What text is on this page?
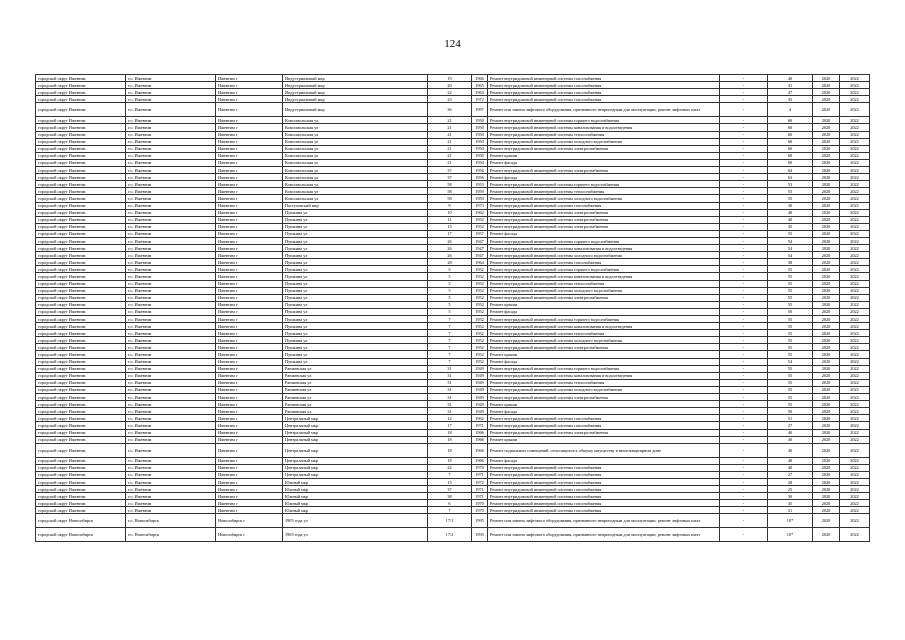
124
городской округ Ижевтим	г.о. Ижевтим	Ижевтим г	Индустриальный мкр	19	1966	Ремонт внутридомовой инженерной системы газоснабжения	-	40	2020	2022
городской округ Ижевтим	г.о. Ижевтим	Ижевтим г	Индустриальный мкр	20	1965	Ремонт внутридомовой инженерной системы газоснабжения	-	41	2020	2022
городской округ Ижевтим	г.о. Ижевтим	Ижевтим г	Индустриальный мкр	22	1963	Ремонт внутридомовой инженерной системы газоснабжения	-	47	2020	2022
городской округ Ижевтим	г.о. Ижевтим	Ижевтим г	Индустриальный мкр	23	1972	Ремонт внутридомовой инженерной системы газоснабжения	-	35	2020	2022
городской округ Ижевтим	г.о. Ижевтим	Ижевтим г	Индустриальный мкр	36	1997	Ремонт или замена лифтового оборудования, признанного непригодным для эксплуатации, ремонт лифтовых шахт	-	4	2020	2022
городской округ Ижевтим	г.о. Ижевтим	Ижевтим г	Комсомольская ул	21	1950	Ремонт внутридомовой инженерной системы горячего водоснабжения	-	60	2020	2022
городской округ Ижевтим	г.о. Ижевтим	Ижевтим г	Комсомольская ул	21	1950	Ремонт внутридомовой инженерной системы канализования и водоотведения	-	60	2020	2022
городской округ Ижевтим	г.о. Ижевтим	Ижевтим г	Комсомольская ул	21	1950	Ремонт внутридомовой инженерной системы теплоснабжения	-	60	2020	2022
городской округ Ижевтим	г.о. Ижевтим	Ижевтим г	Комсомольская ул	21	1950	Ремонт внутридомовой инженерной системы холодного водоснабжения	-	60	2020	2022
городской округ Ижевтим	г.о. Ижевтим	Ижевтим г	Комсомольская ул	21	1950	Ремонт внутридомовой инженерной системы электроснабжения	-	60	2020	2022
городской округ Ижевтим	г.о. Ижевтим	Ижевтим г	Комсомольская ул	21	1950	Ремонт крыши	-	60	2020	2022
городской округ Ижевтим	г.о. Ижевтим	Ижевтим г	Комсомольская ул	21	1950	Ремонт фасада	-	60	2020	2022
городской округ Ижевтим	г.о. Ижевтим	Ижевтим г	Комсомольская ул	37	1956	Ремонт внутридомовой инженерной системы электроснабжения	-	64	2020	2022
городской округ Ижевтим	г.о. Ижевтим	Ижевтим г	Комсомольская ул	37	1956	Ремонт фасада	-	63	2020	2022
городской округ Ижевтим	г.о. Ижевтим	Ижевтим г	Комсомольская ул	58	1953	Ремонт внутридомовой инженерной системы горячего водоснабжения	-	53	2020	2022
городской округ Ижевтим	г.о. Ижевтим	Ижевтим г	Комсомольская ул	58	1959	Ремонт внутридомовой инженерной системы теплоснабжения	-	55	2020	2022
городской округ Ижевтим	г.о. Ижевтим	Ижевтим г	Комсомольская ул	58	1959	Ремонт внутридомовой инженерной системы холодного водоснабжения	-	55	2020	2022
городской округ Ижевтим	г.о. Ижевтим	Ижевтим г	Пастуховский мкр	9	1973	Ремонт внутридомовой инженерной системы газоснабжения	-	30	2020	2022
городской округ Ижевтим	г.о. Ижевтим	Ижевтим г	Пушкина ул	10	1962	Ремонт внутридомовой инженерной системы электроснабжения	-	40	2020	2022
городской округ Ижевтим	г.о. Ижевтим	Ижевтим г	Пушкина ул	11	1952	Ремонт внутридомовой инженерной системы электроснабжения	-	40	2020	2022
городской округ Ижевтим	г.о. Ижевтим	Ижевтим г	Пушкина ул	15	1952	Ремонт внутридомовой инженерной системы электроснабжения	-	35	2020	2022
городской округ Ижевтим	г.о. Ижевтим	Ижевтим г	Пушкина ул	17	1957	Ремонт фасада	-	55	2020	2022
городской округ Ижевтим	г.о. Ижевтим	Ижевтим г	Пушкина ул	26	1947	Ремонт внутридомовой инженерной системы горячего водоснабжения	-	54	2020	2022
городской округ Ижевтим	г.о. Ижевтим	Ижевтим г	Пушкина ул	26	1947	Ремонт внутридомовой инженерной системы канализования и водоотведения	-	54	2020	2022
городской округ Ижевтим	г.о. Ижевтим	Ижевтим г	Пушкина ул	26	1947	Ремонт внутридомовой инженерной системы холодного водоснабжения	-	54	2020	2022
городской округ Ижевтим	г.о. Ижевтим	Ижевтим г	Пушкина ул	28	1964	Ремонт внутридомовой инженерной системы газоснабжения	-	38	2020	2022
городской округ Ижевтим	г.о. Ижевтим	Ижевтим г	Пушкина ул	5	1952	Ремонт внутридомовой инженерной системы горячего водоснабжения	-	55	2020	2022
городской округ Ижевтим	г.о. Ижевтим	Ижевтим г	Пушкина ул	5	1952	Ремонт внутридомовой инженерной системы канализования и водоотведения	-	55	2020	2022
городской округ Ижевтим	г.о. Ижевтим	Ижевтим г	Пушкина ул	5	1952	Ремонт внутридомовой инженерной системы теплоснабжения	-	55	2020	2022
городской округ Ижевтим	г.о. Ижевтим	Ижевтим г	Пушкина ул	5	1952	Ремонт внутридомовой инженерной системы холодного водоснабжения	-	55	2020	2022
городской округ Ижевтим	г.о. Ижевтим	Ижевтим г	Пушкина ул	5	1952	Ремонт внутридомовой инженерной системы электроснабжения	-	55	2020	2022
городской округ Ижевтим	г.о. Ижевтим	Ижевтим г	Пушкина ул	5	1952	Ремонт крыши	-	55	2020	2022
городской округ Ижевтим	г.о. Ижевтим	Ижевтим г	Пушкина ул	5	1952	Ремонт фасада	-	50	2020	2022
городской округ Ижевтим	г.о. Ижевтим	Ижевтим г	Пушкина ул	7	1952	Ремонт внутридомовой инженерной системы горячего водоснабжения	-	55	2020	2022
городской округ Ижевтим	г.о. Ижевтим	Ижевтим г	Пушкина ул	7	1952	Ремонт внутридомовой инженерной системы канализования и водоотведения	-	55	2020	2022
городской округ Ижевтим	г.о. Ижевтим	Ижевтим г	Пушкина ул	7	1952	Ремонт внутридомовой инженерной системы теплоснабжения	-	55	2020	2022
городской округ Ижевтим	г.о. Ижевтим	Ижевтим г	Пушкина ул	7	1952	Ремонт внутридомовой инженерной системы холодного водоснабжения	-	55	2020	2022
городской округ Ижевтим	г.о. Ижевтим	Ижевтим г	Пушкина ул	7	1952	Ремонт внутридомовой инженерной системы электроснабжения	-	55	2020	2022
городской округ Ижевтим	г.о. Ижевтим	Ижевтим г	Пушкина ул	7	1952	Ремонт крыши	-	55	2020	2022
городской округ Ижевтим	г.о. Ижевтим	Ижевтим г	Пушкина ул	7	1952	Ремонт фасада	-	54	2020	2022
городской округ Ижевтим	г.о. Ижевтим	Ижевтим г	Ранжевская ул	31	1949	Ремонт внутридомовой инженерной системы горячего водоснабжения	-	55	2020	2022
городской округ Ижевтим	г.о. Ижевтим	Ижевтим г	Ранжевская ул	31	1949	Ремонт внутридомовой инженерной системы канализования и водоотведения	-	55	2020	2022
городской округ Ижевтим	г.о. Ижевтим	Ижевтим г	Ранжевская ул	31	1949	Ремонт внутридомовой инженерной системы теплоснабжения	-	55	2020	2022
городской округ Ижевтим	г.о. Ижевтим	Ижевтим г	Ранжевская ул	31	1949	Ремонт внутридомовой инженерной системы холодного водоснабжения	-	55	2020	2022
городской округ Ижевтим	г.о. Ижевтим	Ижевтим г	Ранжевская ул	31	1949	Ремонт внутридомовой инженерной системы электроснабжения	-	55	2020	2022
городской округ Ижевтим	г.о. Ижевтим	Ижевтим г	Ранжевская ул	31	1949	Ремонт крыши	-	55	2020	2022
городской округ Ижевтим	г.о. Ижевтим	Ижевтим г	Ранжевская ул	31	1949	Ремонт фасада	-	50	2020	2022
городской округ Ижевтим	г.о. Ижевтим	Ижевтим г	Центральный мкр	12	1962	Ремонт внутридомовой инженерной системы газоснабжения	-	51	2020	2022
городской округ Ижевтим	г.о. Ижевтим	Ижевтим г	Центральный мкр	17	1971	Ремонт внутридомовой инженерной системы газоснабжения	-	27	2020	2022
городской округ Ижевтим	г.о. Ижевтим	Ижевтим г	Центральный мкр	18	1966	Ремонт внутридомовой инженерной системы электроснабжения	-	40	2020	2022
городской округ Ижевтим	г.о. Ижевтим	Ижевтим г	Центральный мкр	18	1966	Ремонт крыши	-	40	2020	2022
городской округ Ижевтим	г.о. Ижевтим	Ижевтим г	Центральный мкр	18	1966	Ремонт подвальных помещений, относящихся к общему имуществу в многоквартирном доме	-	40	2020	2022
городской округ Ижевтим	г.о. Ижевтим	Ижевтим г	Центральный мкр	18	1966	Ремонт фасада	-	40	2020	2022
городской округ Ижевтим	г.о. Ижевтим	Ижевтим г	Центральный мкр	22	1970	Ремонт внутридомовой инженерной системы газоснабжения	-	40	2020	2022
городской округ Ижевтим	г.о. Ижевтим	Ижевтим г	Центральный мкр	7	1971	Ремонт внутридомовой инженерной системы газоснабжения	-	27	2020	2022
городской округ Ижевтим	г.о. Ижевтим	Ижевтим г	Южный мкр	15	1972	Ремонт внутридомовой инженерной системы газоснабжения	-	28	2020	2022
городской округ Ижевтим	г.о. Ижевтим	Ижевтим г	Южный мкр	37	1971	Ремонт внутридомовой инженерной системы газоснабжения	-	25	2020	2022
городской округ Ижевтим	г.о. Ижевтим	Ижевтим г	Южный мкр	38	1971	Ремонт внутридомовой инженерной системы газоснабжения	-	30	2020	2022
городской округ Ижевтим	г.о. Ижевтим	Ижевтим г	Южный мкр	6	1970	Ремонт внутридомовой инженерной системы газоснабжения	-	45	2020	2022
городской округ Ижевтим	г.о. Ижевтим	Ижевтим г	Южный мкр	7	1970	Ремонт внутридомовой инженерной системы газоснабжения	-	31	2020	2022
городской округ Новосибирск	г.о. Новосибирск	Новосибирск г	1905 года ул	17/1	1995	Ремонт или замена лифтового оборудования, признанного непригодным для эксплуатации, ремонт лифтовых шахт	-	10*	2020	2022
городской округ Новосибирск	г.о. Новосибирск	Новосибирск г	1905 года ул	17/2	1995	Ремонт или замена лифтового оборудования, признанного непригодным для эксплуатации, ремонт лифтовых шахт	-	10*	2020	2022
